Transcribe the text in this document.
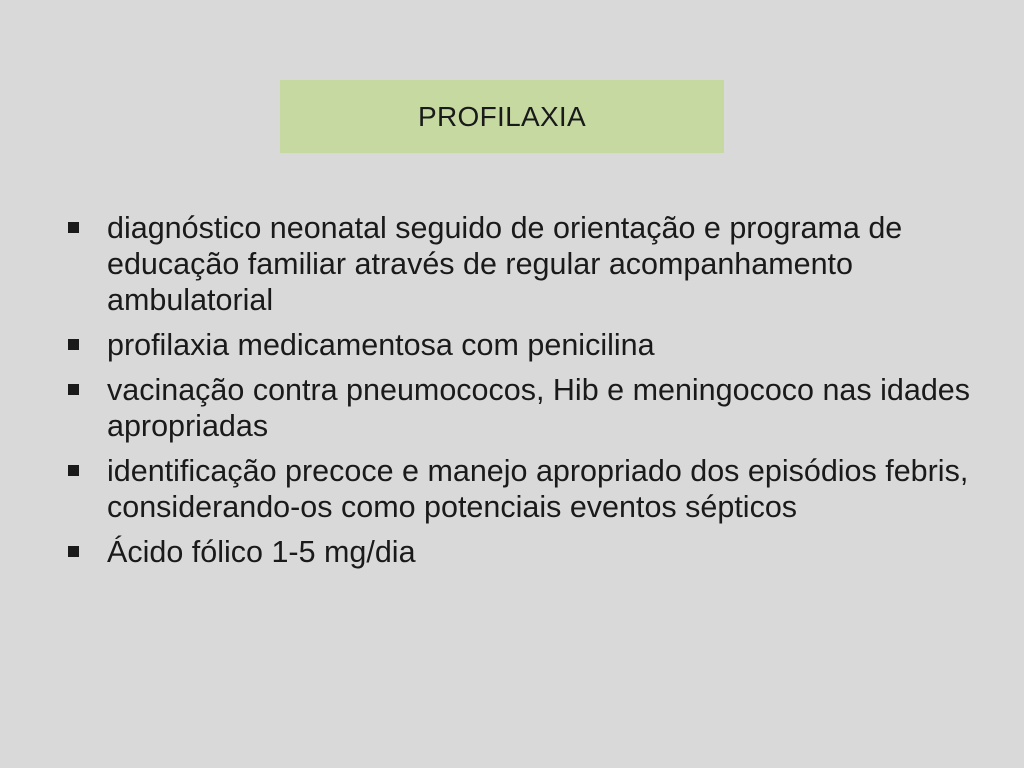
PROFILAXIA
diagnóstico neonatal seguido de orientação e programa de educação familiar através de regular acompanhamento ambulatorial
profilaxia medicamentosa com penicilina
vacinação contra pneumococos, Hib e meningococo nas idades apropriadas
identificação precoce e manejo apropriado dos episódios febris, considerando-os como potenciais eventos sépticos
Ácido fólico 1-5 mg/dia
